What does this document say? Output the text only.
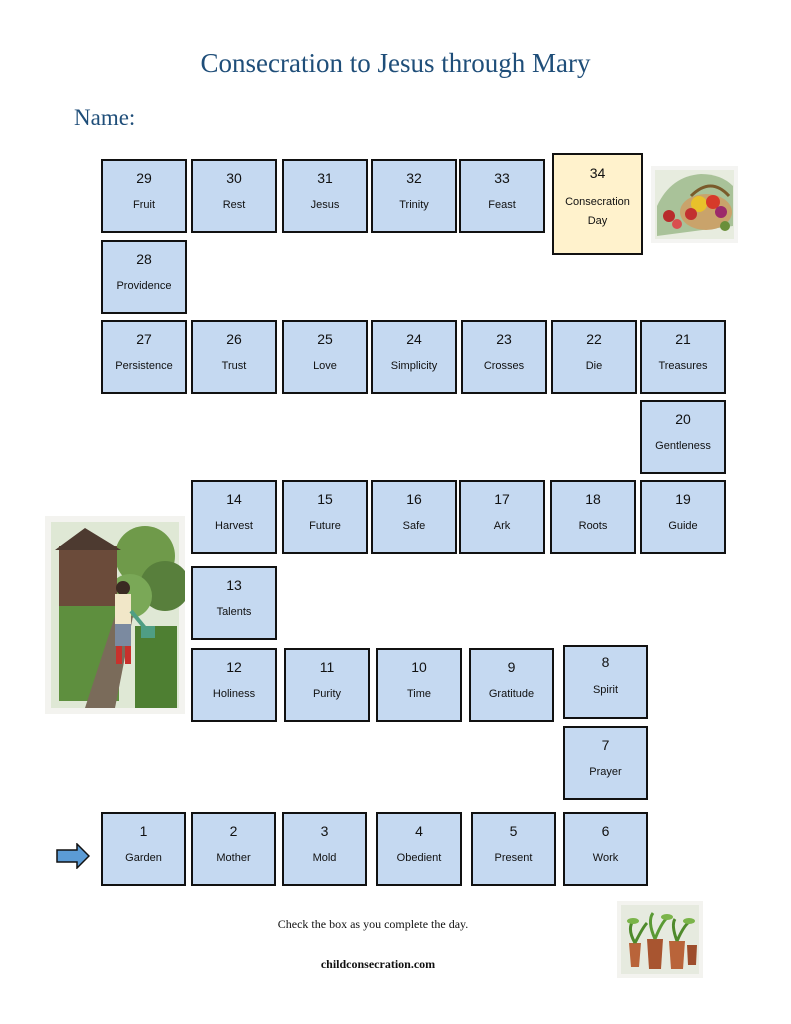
Consecration to Jesus through Mary
Name:
1
Garden
2
Mother
3
Mold
4
Obedient
5
Present
6
Work
7
Prayer
8
Spirit
9
Gratitude
10
Time
11
Purity
12
Holiness
13
Talents
14
Harvest
15
Future
16
Safe
17
Ark
18
Roots
19
Guide
20
Gentleness
21
Treasures
22
Die
23
Crosses
24
Simplicity
25
Love
26
Trust
27
Persistence
28
Providence
29
Fruit
30
Rest
31
Jesus
32
Trinity
33
Feast
34
Consecration Day
Check the box as you complete the day.
childconsecration.com
